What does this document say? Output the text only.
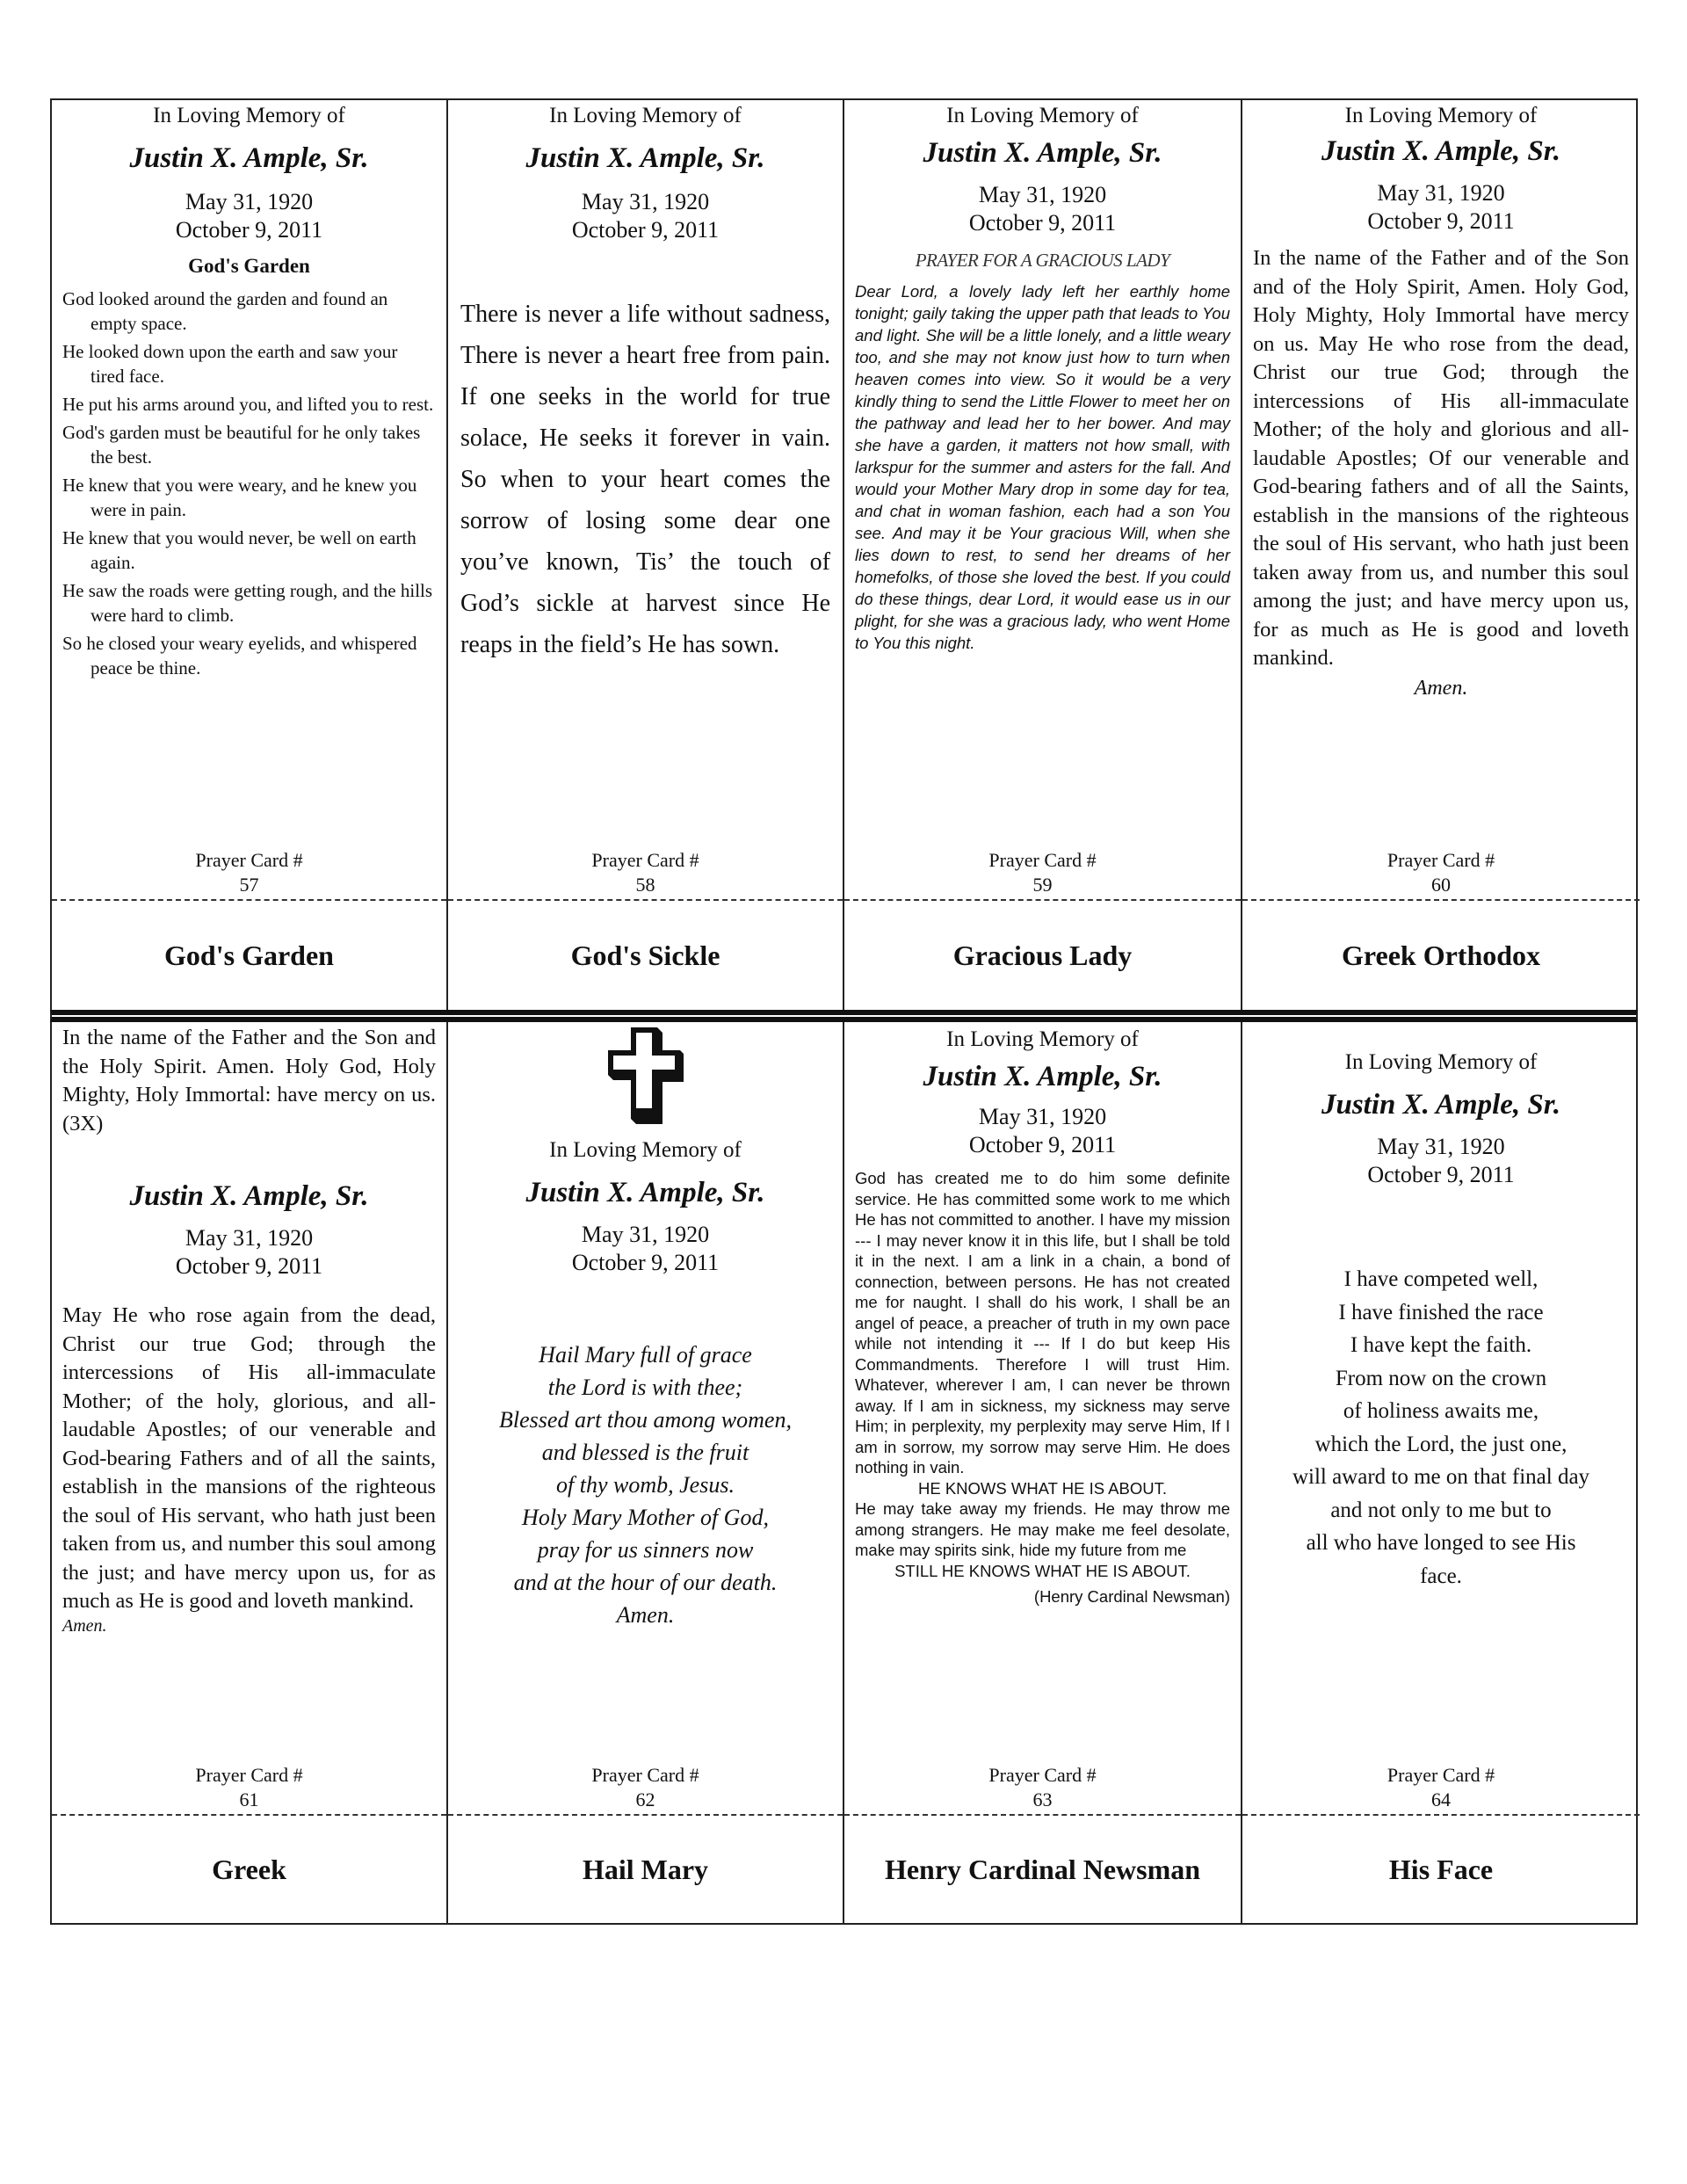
In Loving Memory of
Justin X. Ample, Sr.
May 31, 1920
October 9, 2011
God's Garden

God looked around the garden and found an empty space.

He looked down upon the earth and saw your tired face.

He put his arms around you, and lifted you to rest.

God's garden must be beautiful for he only takes the best.

He knew that you were weary, and he knew you were in pain.

He knew that you would never, be well on earth again.

He saw the roads were getting rough, and the hills were hard to climb.

So he closed your weary eyelids, and whispered peace be thine.

Prayer Card #
57
God's Garden
In Loving Memory of
Justin X. Ample, Sr.
May 31, 1920
October 9, 2011
There is never a life without sadness, There is never a heart free from pain. If one seeks in the world for true solace, He seeks it forever in vain. So when to your heart comes the sorrow of losing some dear one you’ve known, Tis’ the touch of God’s sickle at harvest since He reaps in the field’s He has sown.
Prayer Card #
58
God's Sickle
In Loving Memory of
Justin X. Ample, Sr.
May 31, 1920
October 9, 2011
PRAYER FOR A GRACIOUS LADY
Dear Lord, a lovely lady left her earthly home tonight; gaily taking the upper path that leads to You and light. She will be a little lonely, and a little weary too, and she may not know just how to turn when heaven comes into view. So it would be a very kindly thing to send the Little Flower to meet her on the pathway and lead her to her bower. And may she have a garden, it matters not how small, with larkspur for the summer and asters for the fall. And would your Mother Mary drop in some day for tea, and chat in woman fashion, each had a son You see. And may it be Your gracious Will, when she lies down to rest, to send her dreams of her homefolks, of those she loved the best. If you could do these things, dear Lord, it would ease us in our plight, for she was a gracious lady, who went Home to You this night.
Prayer Card #
59
Gracious Lady
In Loving Memory of
Justin X. Ample, Sr.
May 31, 1920
October 9, 2011
In the name of the Father and of the Son and of the Holy Spirit, Amen. Holy God, Holy Mighty, Holy Immortal have mercy on us. May He who rose from the dead, Christ our true God; through the intercessions of His all-immaculate Mother; of the holy and glorious and all-laudable Apostles; Of our venerable and God-bearing fathers and of all the Saints, establish in the mansions of the righteous the soul of His servant, who hath just been taken away from us, and number this soul among the just; and have mercy upon us, for as much as He is good and loveth mankind.
Amen.
Prayer Card #
60
Greek Orthodox
In the name of the Father and the Son and the Holy Spirit. Amen. Holy God, Holy Mighty, Holy Immortal: have mercy on us. (3X)
Justin X. Ample, Sr.
May 31, 1920
October 9, 2011
May He who rose again from the dead, Christ our true God; through the intercessions of His all-immaculate Mother; of the holy, glorious, and all-laudable Apostles; of our venerable and God-bearing Fathers and of all the saints, establish in the mansions of the righteous the soul of His servant, who hath just been taken from us, and number this soul among the just; and have mercy upon us, for as much as He is good and loveth mankind.
Amen.
Prayer Card #
61
Greek
In Loving Memory of
Justin X. Ample, Sr.
May 31, 1920
October 9, 2011
Hail Mary full of grace
the Lord is with thee;
Blessed art thou among women,
and blessed is the fruit
of thy womb, Jesus.
Holy Mary Mother of God,
pray for us sinners now
and at the hour of our death.
Amen.
Prayer Card #
62
Hail Mary
In Loving Memory of
Justin X. Ample, Sr.
May 31, 1920
October 9, 2011
God has created me to do him some definite service. He has committed some work to me which He has not committed to another. I have my mission --- I may never know it in this life, but I shall be told it in the next. I am a link in a chain, a bond of connection, between persons. He has not created me for naught. I shall do his work, I shall be an angel of peace, a preacher of truth in my own pace while not intending it --- If I do but keep His Commandments. Therefore I will trust Him. Whatever, wherever I am, I can never be thrown away. If I am in sickness, my sickness may serve Him; in perplexity, my perplexity may serve Him, If I am in sorrow, my sorrow may serve Him. He does nothing in vain.
HE KNOWS WHAT HE IS ABOUT.
He may take away my friends. He may throw me among strangers. He may make me feel desolate, make may spirits sink, hide my future from me
STILL HE KNOWS WHAT HE IS ABOUT.
(Henry Cardinal Newsman)
Prayer Card #
63
Henry Cardinal Newsman
In Loving Memory of
Justin X. Ample, Sr.
May 31, 1920
October 9, 2011
I have competed well,
I have finished the race
I have kept the faith.
From now on the crown
of holiness awaits me,
which the Lord, the just one,
will award to me on that final day
and not only to me but to
all who have longed to see His
face.
Prayer Card #
64
His Face
